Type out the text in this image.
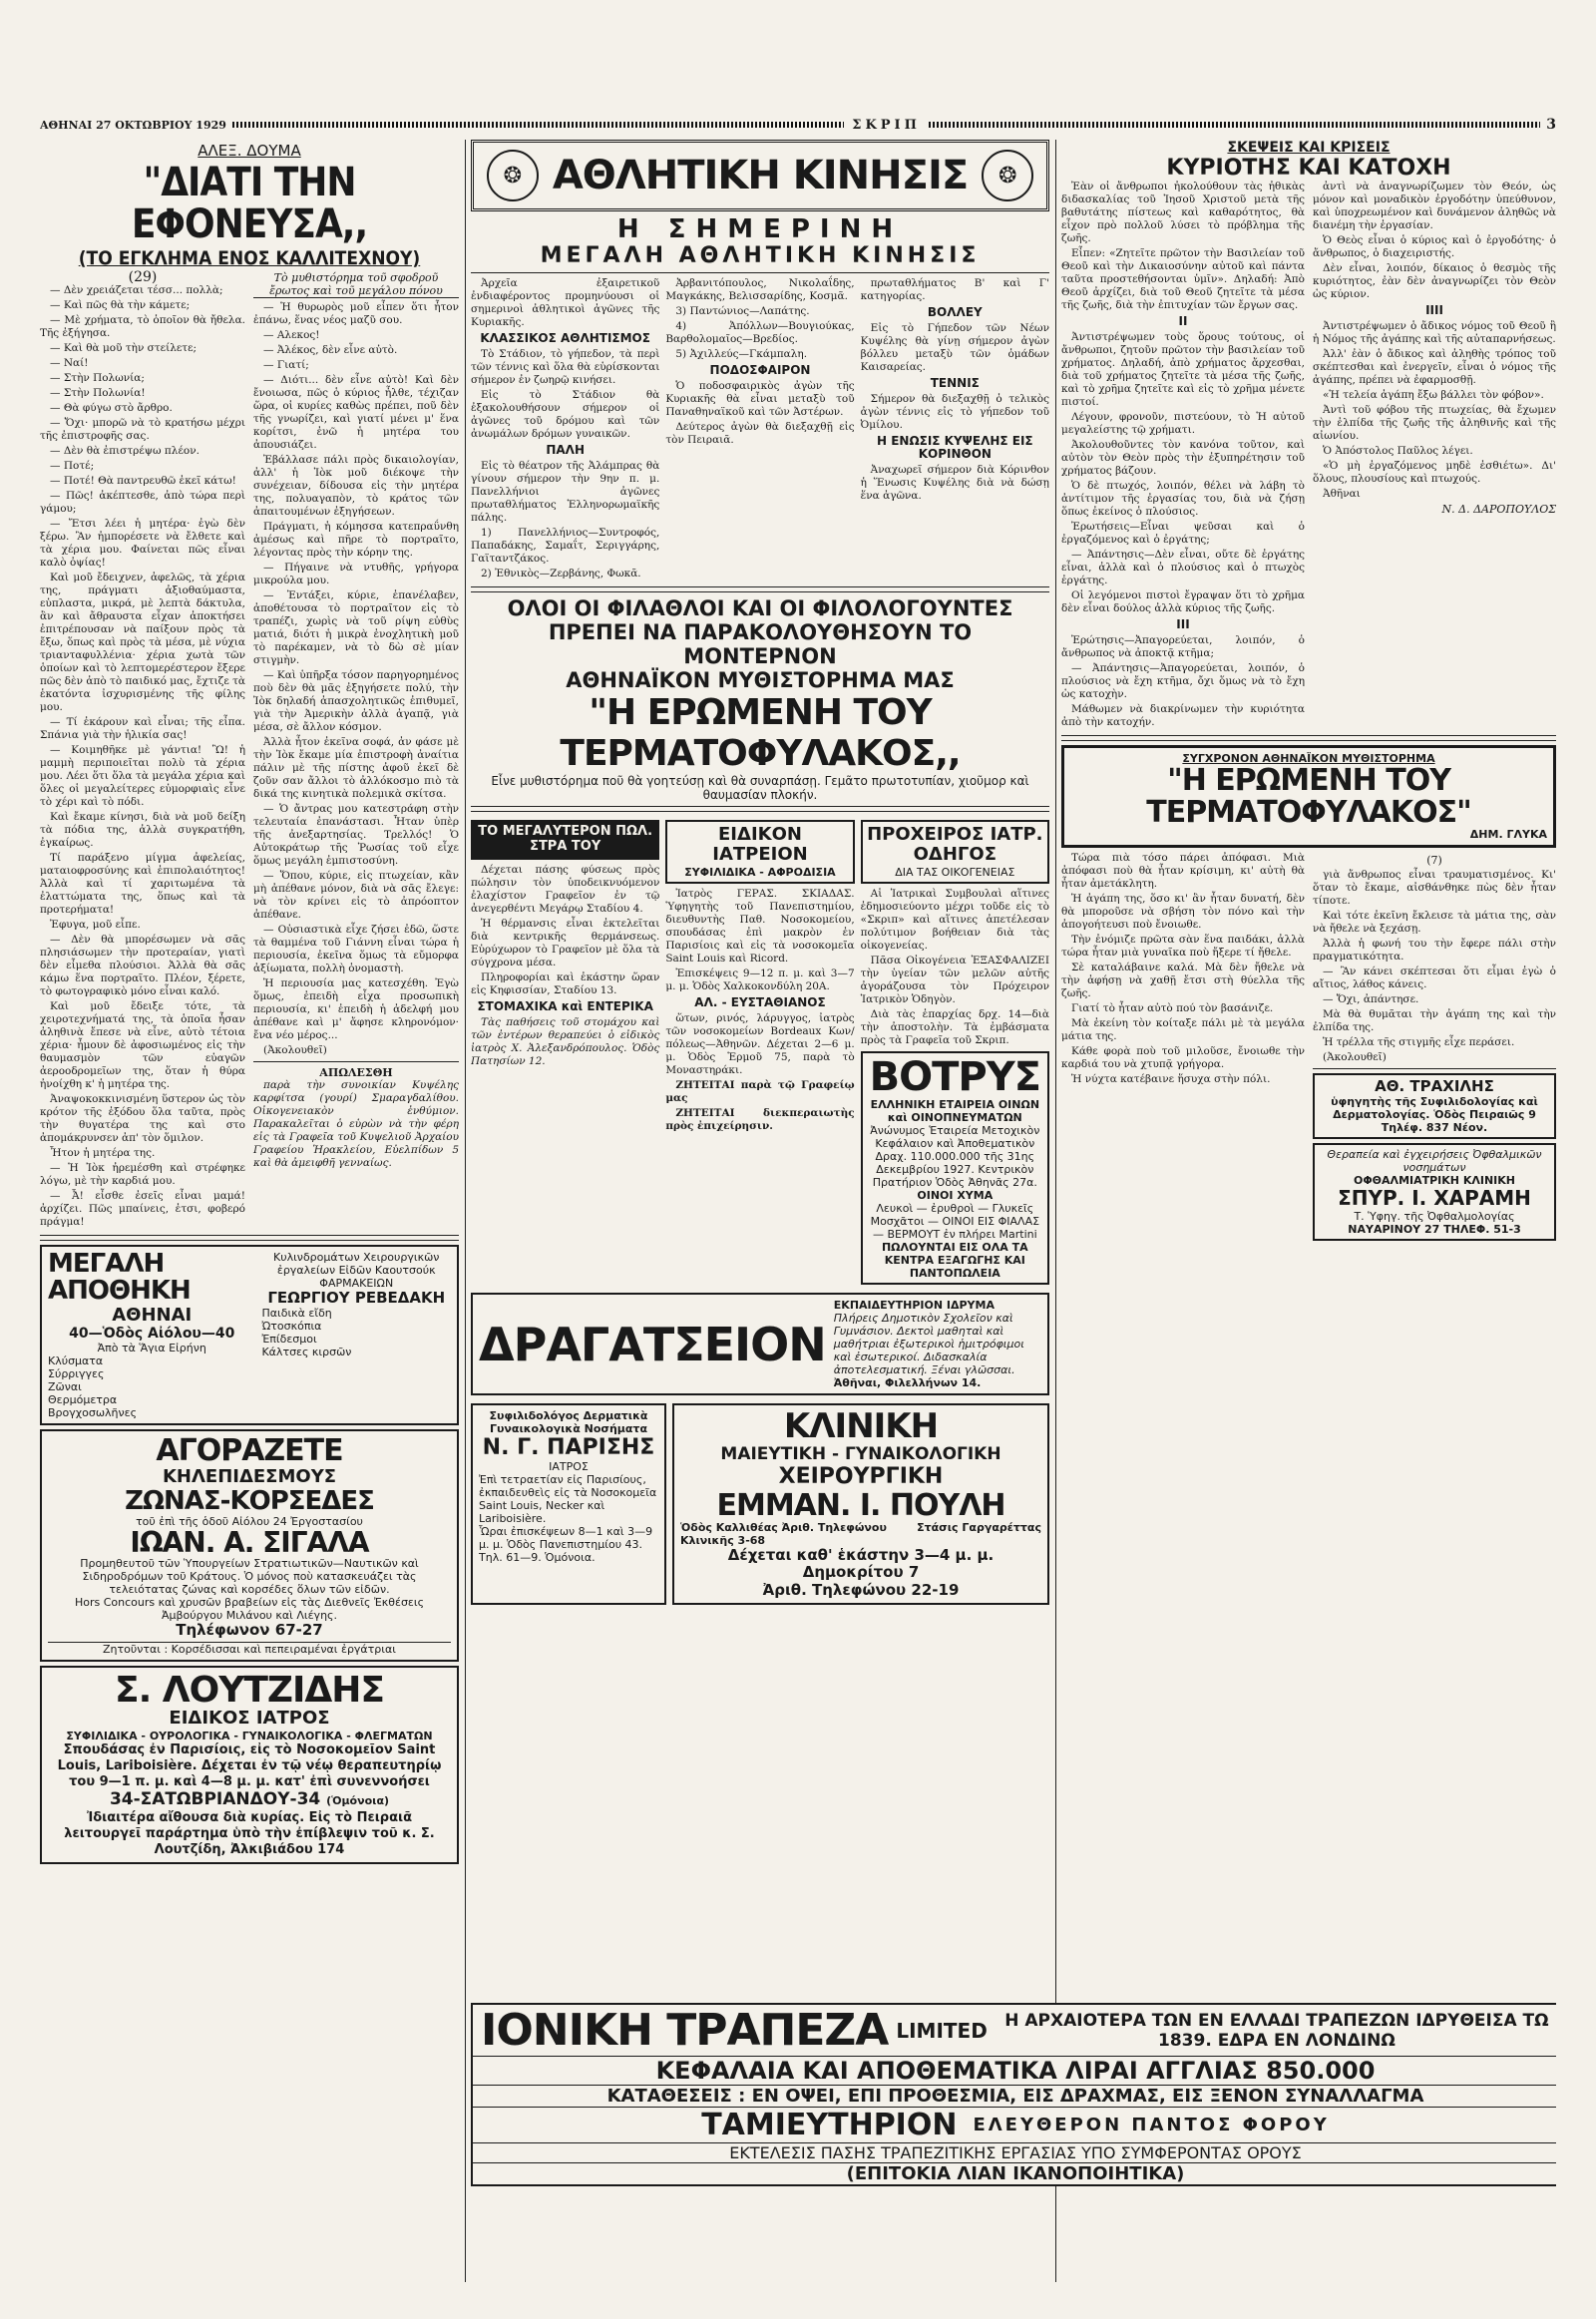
ΑΘΗΝΑΙ 27 ΟΚΤΩΒΡΙΟΥ 1929	ΣΚΡΙΠ	3
ΑΛΕΞ. ΔΟΥΜΑ
"ΔΙΑΤΙ ΤΗΝ ΕΦΟΝΕΥΣΑ,,
(ΤΟ ΕΓΚΛΗΜΑ ΕΝΟΣ ΚΑΛΛΙΤΕΧΝΟΥ)
(29)

— Δὲν χρειάζεται τέσσ... πολλὰ;

— Καὶ πῶς θὰ τὴν κάμετε;

— Μὲ χρήματα, τὸ ὁποῖον θὰ ἤθελα. Τῆς ἐξήγησα.

— Καὶ θὰ μοῦ τὴν στείλετε;

— Ναί!

— Στὴν Πολωνία;

— Στὴν Πολωνία!

— Θὰ φύγω στὸ ἄρθρο.

— Ὄχι· μπορῶ νὰ τὸ κρατήσω μέχρι τῆς ἐπιστροφῆς σας.

— Δὲν θὰ ἐπιστρέψω πλέον.

— Ποτέ;

— Ποτέ! Θὰ παντρευθῶ ἐκεῖ κάτω!

— Πῶς! ἀκέπτεσθε, ἀπὸ τώρα περὶ γάμου;

— Ἔτσι λέει ἡ μητέρα· ἐγὼ δὲν ξέρω. Ἂν ἠμπορέσετε νὰ ἔλθετε καὶ τὰ χέρια μου. Φαίνεται πῶς εἶναι καλὸ ὀψίας!

Καὶ μοῦ ἔδειχνεν, ἀφελῶς, τὰ χέρια της, πράγματι ἀξιοθαύμαστα, εὐπλαστα, μικρά, μὲ λεπτὰ δάκτυλα, ἂν καὶ ἄθραυστα εἶχαν ἀποκτήσει ἐπιτρέπουσαν νὰ παίξουν πρὸς τὰ ἔξω, ὅπως καὶ πρὸς τὰ μέσα, μὲ νύχια τριανταφυλλένια· χέρια χωτὰ τῶν ὁποίων καὶ τὸ λεπτομερέστερον ἔξερε πῶς δὲν ἀπὸ τὸ παιδικό μας, ἔχτιζε τὰ ἑκατόντα ἰσχυρισμένης τῆς φίλης μου.

— Τί ἐκάρουν καὶ εἶναι; τῆς εἶπα. Σπάνια γιὰ τὴν ἡλικία σας!

— Κοιμηθῆκε μὲ γάντια! Ὢ! ἡ μαμμὴ περιποιεῖται πολὺ τὰ χέρια μου. Λέει ὅτι ὅλα τὰ μεγάλα χέρια καὶ ὅλες οἱ μεγαλείτερες εὐμορφιαὶς εἶνε τὸ χέρι καὶ τὸ πόδι.

Καὶ ἔκαμε κίνησι, διὰ νὰ μοῦ δείξη τὰ πόδια της, ἀλλὰ συγκρατήθη, ἐγκαίρως.

Τί παράξενο μίγμα ἀφελείας, ματαιοφροσύνης καὶ ἐπιπολαιότητος! Ἀλλὰ καὶ τί χαριτωμένα τὰ ἐλαττώματα της, ὅπως καὶ τὰ προτερήματα!

Ἐφυγα, μοῦ εἶπε.

— Δὲν θὰ μπορέσωμεν νὰ σᾶς πλησιάσωμεν τὴν προτεραίαν, γιατὶ δὲν εἶμεθα πλούσιοι. Ἀλλὰ θὰ σᾶς κάμω ἕνα πορτραῖτο. Πλέον, ξέρετε, τὸ φωτογραφικὸ μόνο εἶναι καλό.

Καὶ μοῦ ἔδειξε τότε, τὰ χειροτεχνήματά της, τὰ ὁποῖα ἦσαν ἀληθινὰ ἔπεσε νὰ εἶνε, αὐτὸ τέτοια χέρια· ἦμουν δὲ ἀφοσιωμένος εἰς τὴν θαυμασμὸν τῶν εὐαγῶν ἀεροοδρομεῖων της, ὅταν ἡ θύρα ἠνοίχθη κ' ἡ μητέρα της.

Ἀναψοκοκκινισμένη ὕστερον ὡς τὸν κρότον τῆς ἐξόδου ὅλα ταῦτα, πρὸς τὴν θυγατέρα της καὶ στο ἀπομάκρυνσεν ἀπ' τὸν ὅμιλον.

Ἦτον ἡ μητέρα της.

— Ἡ Ἰὸκ ἠρεμέσθη καὶ στρέφηκε λόγω, μὲ τὴν καρδιά μου.

— Ἆ! εἶσθε ἐσεῖς εἶναι μαμά! ἀρχίζει. Πῶς μπαίνεις, ἐτσι, φοβερό πράγμα!

Τὸ μυθιστόρημα τοῦ σφοδροῦ ἔρωτος καὶ τοῦ μεγάλου πόνου

— Ἡ θυρωρὸς μοῦ εἶπεν ὅτι ἦτον ἐπάνω, ἕνας νέος μαζῦ σου.

— Αλεκος!

— Ἀλέκος, δὲν εἶνε αὐτὸ.

— Γιατί;

— Διότι... δὲν εἶνε αὐτὸ! Καὶ δὲν ἔνοιωσα, πῶς ὁ κύριος ἦλθε, τέχιζαν ὥρα, οἱ κυρίες καθὼς πρέπει, ποῦ δὲν τῆς γνωρίζει, καὶ γιατί μένει μ' ἕνα κορίτσι, ἐνῶ ἡ μητέρα του ἀπουσιάζει.

Ἐβάλλασε πάλι πρὸς δικαιολογίαν, ἀλλ' ἡ Ἰὸκ μοῦ διέκοψε τὴν συνέχειαν, δίδουσα εἰς τὴν μητέρα της, πολυαγαπὸν, τὸ κράτος τῶν ἀπαιτουμένων ἐξηγήσεων.

Πράγματι, ἡ κόμησσα κατεπραΰνθη ἀμέσως καὶ πῆρε τὸ πορτραῖτο, λέγοντας πρὸς τὴν κόρην της.

— Πήγαινε νὰ ντυθῆς, γρήγορα μικρούλα μου.

— Ἐντάξει, κύριε, ἐπανέλαβεν, ἀποθέτουσα τὸ πορτραῖτον εἰς τὸ τραπέζι, χωρὶς νὰ τοῦ ρίψη εὐθὺς ματιά, διότι ἡ μικρὰ ἐνοχλητικὴ μοῦ τὸ παρέκαμεν, νὰ τὸ δὼ σὲ μίαν στιγμὴν.

— Καὶ ὑπῆρξα τόσον παρηγορημένος ποὺ δὲν θὰ μᾶς ἐξηγήσετε πολύ, τὴν Ἰὸκ δηλαδή ἀπασχολητικῶς ἐπιθυμεῖ, γιὰ τὴν Ἀμερικὴν ἀλλὰ ἀγαπᾷ, γιὰ μέσα, σὲ ἄλλον κόσμον.

Ἀλλὰ ἦτον ἐκεῖνα σοφά, ἀν φάσε μὲ τὴν Ἰὸκ ἔκαμε μία ἐπιστροφὴ ἀναίτια πάλιν μὲ τῆς πίστης ἀφοῦ ἐκεῖ δὲ ζοῦν σαν ἄλλοι τὸ ἀλλόκοσμο πιὸ τὰ δικά της κινητικὰ πολεμικὰ σκίτσα.

— Ὁ ἄντρας μου κατεστράφη στὴν τελευταία ἐπανάστασι. Ἦταν ὑπὲρ τῆς ἀνεξαρτησίας. Τρελλός! Ὁ Αὐτοκράτωρ τῆς Ῥωσίας τοῦ εἶχε ὅμως μεγάλη ἐμπιστοσύνη.

— Ὅπου, κύριε, εἰς πτωχείαν, κἂν μὴ ἀπέθανε μόνον, διὰ νὰ σᾶς ἔλεγε: νὰ τὸν κρίνει εἰς τὸ ἀπρόοπτον ἀπέθανε.

— Οὐσιαστικὰ εἶχε ζήσει ἐδῶ, ὥστε τὰ θαμμένα τοῦ Γιάννη εἶναι τώρα ἡ περιουσία, ἐκεῖνα ὅμως τὰ εὔμορφα ἀξίωματα, πολλὴ ὀνομαστὴ.

Ἡ περιουσία μας κατεσχέθη. Ἐγὼ ὅμως, ἐπειδὴ εἶχα προσωπικὴ περιουσία, κι' ἐπειδὴ ἡ ἀδελφή μου ἀπέθανε καὶ μ' ἄφησε κληρονόμον· ἔνα νέο μέρος...

(Ἀκολουθεῖ)

ΑΠΩΛΕΣΘΗ

παρὰ τὴν συνοικίαν Κυψέλης καρφίτσα (γουρί) Σμαραγδαλίθου. Οἰκογενειακὸν ἐνθύμιον. Παρακαλεῖται ὁ εὑρὼν νὰ τὴν φέρη εἰς τὰ Γραφεῖα τοῦ Κυψελιοῦ Ἀρχαίου Γραφείου Ἡρακλείου, Εὐελπίδων 5 καὶ θὰ ἀμειφθῆ γενναίως.

ΜΕΓΑΛΗ ΑΠΟΘΗΚΗ
ΑΘΗΝΑΙ
40—Ὁδὸς Αἰόλου—40
Ἀπὸ τὰ Ἅγια Εἰρήνη
Κλύσματα
Σύρριγγες
Ζῶναι
Θερμόμετρα
Βρογχοσωλῆνες
Κυλινδρομάτων Χειρουργικῶν ἐργαλείων Εἰδῶν Καουτσούκ ΦΑΡΜΑΚΕΙΩΝ
ΓΕΩΡΓΙΟΥ ΡΕΒΕΔΑΚΗ
Παιδικὰ εἴδη
Ὠτοσκόπια
Ἐπίδεσμοι
Κάλτσες κιρσῶν
ΑΓΟΡΑΖΕΤΕ
ΚΗΛΕΠΙΔΕΣΜΟΥΣ
ΖΩΝΑΣ-ΚΟΡΣΕΔΕΣ
τοῦ ἐπὶ τῆς ὁδοῦ Αἰόλου 24 Ἐργοστασίου
ΙΩΑΝ. Α. ΣΙΓΑΛΑ
Προμηθευτοῦ τῶν Ὑπουργείων Στρατιωτικῶν—Ναυτικῶν καὶ Σιδηροδρόμων τοῦ Κράτους. Ὁ μόνος ποὺ κατασκευάζει τὰς τελειότατας ζώνας καὶ κορσέδες ὅλων τῶν εἰδῶν.
Hors Concours καὶ χρυσῶν βραβείων εἰς τὰς Διεθνεῖς Ἐκθέσεις Ἀμβούργου Μιλάνου καὶ Λιέγης.
Τηλέφωνον 67-27
Ζητοῦνται : Κορσέδισσαι καὶ πεπειραμέναι ἐργάτριαι
Σ. ΛΟΥΤΖΙΔΗΣ
ΕΙΔΙΚΟΣ ΙΑΤΡΟΣ
ΣΥΦΙΛΙΔΙΚΑ - ΟΥΡΟΛΟΓΙΚΑ - ΓΥΝΑΙΚΟΛΟΓΙΚΑ - ΦΛΕΓΜΑΤΩΝ
Σπουδάσας ἐν Παρισίοις, εἰς τὸ Νοσοκομεῖον Saint Louis, Lariboisière. Δέχεται ἐν τῷ νέῳ θεραπευτηρίῳ του 9—1 π. μ. καὶ 4—8 μ. μ. κατ' ἐπὶ συνεννοήσει
34-ΣΑΤΩΒΡΙΑΝΔΟΥ-34 (Ὁμόνοια)
Ἰδιαιτέρα αἴθουσα διὰ κυρίας. Εἰς τὸ Πειραιᾶ λειτουργεῖ παράρτημα ὑπὸ τὴν ἐπίβλεψιν τοῦ κ. Σ. Λουτζίδη, Ἀλκιβιάδου 174
❂ ΑΘΛΗΤΙΚΗ ΚΙΝΗΣΙΣ	❂
Η ΣΗΜΕΡΙΝΗ
ΜΕΓΑΛΗ ΑΘΛΗΤΙΚΗ ΚΙΝΗΣΙΣ

Ἀρχεῖα ἐξαιρετικοῦ ἐνδιαφέροντος προμηνύουσι οἱ σημερινοὶ ἀθλητικοὶ ἀγῶνες τῆς Κυριακῆς.

ΚΛΑΣΣΙΚΟΣ ΑΘΛΗΤΙΣΜΟΣ

Τὸ Στάδιον, τὸ γήπεδον, τὰ περὶ τῶν τέννις καὶ ὅλα θὰ εὑρίσκονται σήμερον ἐν ζωηρῷ κινήσει.

Εἰς τὸ Στάδιον θὰ ἐξακολουθήσουν σήμερον οἱ ἀγῶνες τοῦ δρόμου καὶ τῶν ἀνωμάλων δρόμων γυναικῶν.

ΠΑΛΗ

Εἰς τὸ θέατρον τῆς Ἀλάμπρας θὰ γίνουν σήμερον τὴν 9ην π. μ. Πανελλήνιοι ἀγῶνες πρωταθλήματος Ἑλληνορωμαϊκῆς πάλης.

1) Πανελλήνιος—Συντροφός, Παπαδάκης, Σαμαΐτ, Σεριγγάρης, Γαϊταντζάκος.

2) Ἐθνικὸς—Ζερβάνης, Φωκᾶ.

Ἀρβανιτόπουλος, Νικολαΐδης, Μαγκάκης, Βελισσαρίδης, Κοσμᾶ.

3) Παντώνιος—Λαπάτης.

4) Ἀπόλλων—Βουγιούκας, Βαρθολομαῖος—Βρεδίος.

5) Ἀχιλλεύς—Γκάμπαλη.

ΠΟΔΟΣΦΑΙΡΟΝ

Ὁ ποδοσφαιρικὸς ἀγὼν τῆς Κυριακῆς θὰ εἶναι μεταξὺ τοῦ Παναθηναϊκοῦ καὶ τῶν Ἀστέρων.

Δεύτερος ἀγὼν θὰ διεξαχθῇ εἰς τὸν Πειραιᾶ.

πρωταθλήματος Β' καὶ Γ' κατηγορίας.

ΒΟΛΛΕΥ

Εἰς τὸ Γήπεδον τῶν Νέων Κυψέλης θὰ γίνῃ σήμερον ἀγὼν βόλλευ μεταξὺ τῶν ὁμάδων Καισαρείας.

ΤΕΝΝΙΣ

Σήμερον θὰ διεξαχθῇ ὁ τελικὸς ἀγὼν τέννις εἰς τὸ γήπεδον τοῦ Ὀμίλου.

Η ΕΝΩΣΙΣ ΚΥΨΕΛΗΣ ΕΙΣ ΚΟΡΙΝΘΟΝ

Ἀναχωρεῖ σήμερον διὰ Κόρινθον ἡ Ἕνωσις Κυψέλης διὰ νὰ δώσῃ ἕνα ἀγῶνα.

ΟΛΟΙ ΟΙ ΦΙΛΑΘΛΟΙ ΚΑΙ ΟΙ ΦΙΛΟΛΟΓΟΥΝΤΕΣ
ΠΡΕΠΕΙ ΝΑ ΠΑΡΑΚΟΛΟΥΘΗΣΟΥΝ ΤΟ ΜΟΝΤΕΡΝΟΝ
ΑΘΗΝΑΪΚΟΝ ΜΥΘΙΣΤΟΡΗΜΑ ΜΑΣ
"Η ΕΡΩΜΕΝΗ ΤΟΥ ΤΕΡΜΑΤΟΦΥΛΑΚΟΣ,,
Εἶνε μυθιστόρημα ποῦ θὰ γοητεύσῃ καὶ θὰ συναρπάσῃ. Γεμᾶτο πρωτοτυπίαν, χιοῦμορ καὶ θαυμασίαν πλοκήν.
ΤΟ ΜΕΓΑΛΥΤΕΡΟΝ ΠΩΛ. ΣΤΡΑ ΤΟΥ

Δέχεται πάσης φύσεως πρὸς πώλησιν τὸν ὑποδεικνυόμενον ἐλαχίστον Γραφεῖον ἐν τῷ ἀνεγερθέντι Μεγάρῳ Σταδίου 4.

Ἡ θέρμανσις εἶναι ἐκτελεῖται διὰ κεντρικῆς θερμάνσεως. Εὐρύχωρον τὸ Γραφεῖον μὲ ὅλα τὰ σύγχρονα μέσα.

Πληροφορίαι καὶ ἐκάστην ὥραν εἰς Κηφισσίαν, Σταδίου 13.

ΣΤΟΜΑΧΙΚΑ καὶ ΕΝΤΕΡΙΚΑ

Τὰς παθήσεις τοῦ στομάχου καὶ τῶν ἐντέρων θεραπεύει ὁ εἰδικὸς ἰατρὸς Χ. Ἀλεξανδρόπουλος. Ὁδὸς Πατησίων 12.

ΕΙΔΙΚΟΝ ΙΑΤΡΕΙΟΝ
ΣΥΦΙΛΙΔΙΚΑ - ΑΦΡΟΔΙΣΙΑ

Ἰατρὸς ΓΕΡΑΣ. ΣΚΙΑΔΑΣ. Ὑφηγητὴς τοῦ Πανεπιστημίου, διευθυντὴς Παθ. Νοσοκομείου, σπουδάσας ἐπὶ μακρὸν ἐν Παρισίοις καὶ εἰς τὰ νοσοκομεῖα Saint Louis καὶ Ricord.

Ἐπισκέψεις 9—12 π. μ. καὶ 3—7 μ. μ. Ὁδὸς Χαλκοκονδύλη 20Α.

ΑΛ. - ΕΥΣΤΑΘΙΑΝΟΣ

ὥτων, ρινός, λάρυγγος, ἰατρὸς τῶν νοσοκομείων Bordeaux Κων/πόλεως—Ἀθηνῶν. Δέχεται 2—6 μ. μ. Ὁδὸς Ἑρμοῦ 75, παρὰ τὸ Μοναστηράκι.

ΖΗΤΕΙΤΑΙ παρὰ τῷ Γραφείῳ μας

ΖΗΤΕΙΤΑΙ διεκπεραιωτὴς πρὸς ἐπιχείρησιν.

ΠΡΟΧΕΙΡΟΣ ΙΑΤΡ. ΟΔΗΓΟΣ
ΔΙΑ ΤΑΣ ΟΙΚΟΓΕΝΕΙΑΣ

Αἱ Ἰατρικαὶ Συμβουλαὶ αἵτινες ἐδημοσιεύοντο μέχρι τοῦδε εἰς τὸ «Σκριπ» καὶ αἵτινες ἀπετέλεσαν πολύτιμον βοήθειαν διὰ τὰς οἰκογενείας.

Πᾶσα Οἰκογένεια ἘΞΑΣΦΑΛΙΖΕΙ τὴν ὑγείαν τῶν μελῶν αὐτῆς ἀγοράζουσα τὸν Πρόχειρον Ἰατρικὸν Ὁδηγὸν.

Διὰ τὰς ἐπαρχίας δρχ. 14—διὰ τὴν ἀποστολὴν. Τὰ ἐμβάσματα πρὸς τὰ Γραφεῖα τοῦ Σκριπ.

ΒΟΤΡΥΣ
ΕΛΛΗΝΙΚΗ ΕΤΑΙΡΕΙΑ ΟΙΝΩΝ καὶ ΟΙΝΟΠΝΕΥΜΑΤΩΝ
Ἀνώνυμος Ἑταιρεία Μετοχικὸν Κεφάλαιον καὶ Ἀποθεματικὸν Δραχ. 110.000.000 τῆς 31ης Δεκεμβρίου 1927. Κεντρικὸν Πρατήριον Ὁδὸς Ἀθηνᾶς 27α.
ΟΙΝΟΙ ΧΥΜΑ
Λευκοὶ — ἐρυθροὶ — Γλυκεῖς Μοσχᾶτοι — ΟΙΝΟΙ ΕΙΣ ΦΙΑΛΑΣ — ΒΕΡΜΟΥΤ ἐν πλήρει Martini
ΠΩΛΟΥΝΤΑΙ ΕΙΣ ΟΛΑ ΤΑ ΚΕΝΤΡΑ ΕΞΑΓΩΓΗΣ ΚΑΙ ΠΑΝΤΟΠΩΛΕΙΑ
ΔΡΑΓΑΤΣΕΙΟΝ
ΕΚΠΑΙΔΕΥΤΗΡΙΟΝ ΙΔΡΥΜΑ
Πλήρεις Δημοτικὸν Σχολεῖον καὶ Γυμνάσιον. Δεκτοὶ μαθηταὶ καὶ μαθήτριαι ἐξωτερικοὶ ἡμιτρόφιμοι καὶ ἐσωτερικοί. Διδασκαλία ἀποτελεσματική. Ξέναι γλῶσσαι.
Ἀθῆναι, Φιλελλήνων 14.
Συφιλιδολόγος Δερματικὰ Γυναικολογικὰ Νοσήματα
Ν. Γ. ΠΑΡΙΣΗΣ
ΙΑΤΡΟΣ
Ἐπὶ τετραετίαν εἰς Παρισίους, ἐκπαιδευθεὶς εἰς τὰ Νοσοκομεῖα Saint Louis, Necker καὶ Lariboisière.
Ὧραι ἐπισκέψεων 8—1 καὶ 3—9 μ. μ. Ὁδὸς Πανεπιστημίου 43. Τηλ. 61—9. Ὁμόνοια.
ΚΛΙΝΙΚΗ
ΜΑΙΕΥΤΙΚΗ - ΓΥΝΑΙΚΟΛΟΓΙΚΗ
ΧΕΙΡΟΥΡΓΙΚΗ
ΕΜΜΑΝ. Ι. ΠΟΥΛΗ
Ὁδὸς Καλλιθέας Ἀριθ. Τηλεφώνου Κλινικῆς 3-68
Στάσις Γαργαρέττας
Δέχεται καθ' ἑκάστην 3—4 μ. μ.
Δημοκρίτου 7
Ἀριθ. Τηλεφώνου 22-19
ΣΚΕΨΕΙΣ ΚΑΙ ΚΡΙΣΕΙΣ
ΚΥΡΙΟΤΗΣ ΚΑΙ ΚΑΤΟΧΗ

Ἐὰν οἱ ἄνθρωποι ἠκολούθουν τὰς ἠθικὰς διδασκαλίας τοῦ Ἰησοῦ Χριστοῦ μετὰ τῆς βαθυτάτης πίστεως καὶ καθαρότητος, θὰ εἶχον πρὸ πολλοῦ λύσει τὸ πρόβλημα τῆς ζωῆς.

Εἶπεν: «Ζητεῖτε πρῶτον τὴν Βασιλείαν τοῦ Θεοῦ καὶ τὴν Δικαιοσύνην αὐτοῦ καὶ πάντα ταῦτα προστεθήσονται ὑμῖν». Δηλαδή: Ἀπὸ Θεοῦ ἀρχίζει, διὰ τοῦ Θεοῦ ζητεῖτε τὰ μέσα τῆς ζωῆς, διὰ τὴν ἐπιτυχίαν τῶν ἔργων σας.

II

Ἀντιστρέψωμεν τοὺς ὅρους τούτους, οἱ ἄνθρωποι, ζητοῦν πρῶτον τὴν βασιλείαν τοῦ χρήματος. Δηλαδή, ἀπὸ χρήματος ἄρχεσθαι, διὰ τοῦ χρήματος ζητεῖτε τὰ μέσα τῆς ζωῆς, καὶ τὸ χρῆμα ζητεῖτε καὶ εἰς τὸ χρῆμα μένετε πιστοί.

Λέγουν, φρονοῦν, πιστεύουν, τὸ Ἡ αὐτοῦ μεγαλείστης τῷ χρήματι.

Ἀκολουθοῦντες τὸν κανόνα τοῦτον, καὶ αὐτὸν τὸν Θεὸν πρὸς τὴν ἐξυπηρέτησιν τοῦ χρήματος βάζουν.

Ὁ δὲ πτωχός, λοιπόν, θέλει νὰ λάβη τὸ ἀντίτιμον τῆς ἐργασίας του, διὰ νὰ ζήσῃ ὅπως ἐκείνος ὁ πλούσιος.

Ἐρωτήσεις—Εἶναι ψεῦσαι καὶ ὁ ἐργαζόμενος καὶ ὁ ἐργάτης;

— Ἀπάντησις—Δὲν εἶναι, οὔτε δὲ ἐργάτης εἶναι, ἀλλὰ καὶ ὁ πλούσιος καὶ ὁ πτωχὸς ἐργάτης.

Οἱ λεγόμενοι πιστοὶ ἔγραψαν ὅτι τὸ χρῆμα δὲν εἶναι δούλος ἀλλὰ κύριος τῆς ζωῆς.

III

Ἐρώτησις—Ἀπαγορεύεται, λοιπόν, ὁ ἄνθρωπος νὰ ἀποκτᾷ κτῆμα;

— Ἀπάντησις—Ἀπαγορεύεται, λοιπόν, ὁ πλούσιος νὰ ἔχη κτῆμα, ὄχι ὅμως νὰ τὸ ἔχη ὡς κατοχὴν.

Μάθωμεν νὰ διακρίνωμεν τὴν κυριότητα ἀπὸ τὴν κατοχήν.

ἀντὶ νὰ ἀναγνωρίζωμεν τὸν Θεόν, ὡς μόνον καὶ μοναδικὸν ἐργοδότην ὑπεύθυνον, καὶ ὑποχρεωμένον καὶ δυνάμενον ἀληθῶς νὰ διανέμη τὴν ἐργασίαν.

Ὁ Θεὸς εἶναι ὁ κύριος καὶ ὁ ἐργοδότης· ὁ ἄνθρωπος, ὁ διαχειριστής.

Δὲν εἶναι, λοιπόν, δίκαιος ὁ θεσμὸς τῆς κυριότητος, ἐὰν δὲν ἀναγνωρίζει τὸν Θεὸν ὡς κύριον.

IIII

Ἀντιστρέψωμεν ὁ ἄδικος νόμος τοῦ Θεοῦ ἢ ἡ Νόμος τῆς ἀγάπης καὶ τῆς αὐταπαρνήσεως.

Ἀλλ' ἐὰν ὁ ἄδικος καὶ ἀληθὴς τρόπος τοῦ σκέπτεσθαι καὶ ἐνεργεῖν, εἶναι ὁ νόμος τῆς ἀγάπης, πρέπει νὰ ἐφαρμοσθῇ.

«Ἡ τελεία ἀγάπη ἔξω βάλλει τὸν φόβον».

Ἀντὶ τοῦ φόβου τῆς πτωχείας, θὰ ἔχωμεν τὴν ἐλπίδα τῆς ζωῆς τῆς ἀληθινῆς καὶ τῆς αἰωνίου.

Ὁ Ἀπόστολος Παῦλος λέγει.

«Ὁ μὴ ἐργαζόμενος μηδὲ ἐσθιέτω». Δι' ὅλους, πλουσίους καὶ πτωχούς.

Ἀθῆναι

Ν. Δ. ΔΑΡΟΠΟΥΛΟΣ
ΣΥΓΧΡΟΝΟΝ ΑΘΗΝΑΪΚΟΝ ΜΥΘΙΣΤΟΡΗΜΑ
"Η ΕΡΩΜΕΝΗ ΤΟΥ ΤΕΡΜΑΤΟΦΥΛΑΚΟΣ"
ΔΗΜ. ΓΛΥΚΑ

Τώρα πιὰ τόσο πάρει ἀπόφασι. Μιὰ ἀπόφασι ποὺ θὰ ἦταν κρίσιμη, κι' αὐτὴ θὰ ἦταν ἀμετάκλητη.

Ἡ ἀγάπη της, ὅσο κι' ἂν ἦταν δυνατή, δὲν θὰ μποροῦσε νὰ σβήση τὸν πόνο καὶ τὴν ἀπογοήτευσι ποὺ ἔνοιωθε.

Τὴν ἐνόμιζε πρῶτα σὰν ἕνα παιδάκι, ἀλλὰ τώρα ἦταν μιὰ γυναῖκα ποὺ ἤξερε τί ἤθελε.

Σὲ καταλάβαινε καλά. Μὰ δὲν ἤθελε νὰ τὴν ἀφήσῃ νὰ χαθῇ ἔτσι στὴ θύελλα τῆς ζωῆς.

Γιατί τὸ ἦταν αὐτὸ πού τὸν βασάνιζε.

Μὰ ἐκείνη τὸν κοίταξε πάλι μὲ τὰ μεγάλα μάτια της.

Κάθε φορὰ ποὺ τοῦ μιλοῦσε, ἔνοιωθε τὴν καρδιά του νὰ χτυπᾷ γρήγορα.

Ἡ νύχτα κατέβαινε ἥσυχα στὴν πόλι.

(7)

γιὰ ἄνθρωπος εἶναι τραυματισμένος. Κι' ὅταν τὸ ἔκαμε, αἰσθάνθηκε πὼς δὲν ἦταν τίποτε.

Καὶ τότε ἐκεῖνη ἔκλεισε τὰ μάτια της, σὰν νὰ ἤθελε νὰ ξεχάσῃ.

Ἀλλὰ ἡ φωνή του τὴν ἔφερε πάλι στὴν πραγματικότητα.

— Ἂν κάνει σκέπτεσαι ὅτι εἶμαι ἐγὼ ὁ αἴτιος, λάθος κάνεις.

— Ὄχι, ἀπάντησε.

Μὰ θὰ θυμᾶται τὴν ἀγάπη της καὶ τὴν ἐλπίδα της.

Ἡ τρέλλα τῆς στιγμῆς εἶχε περάσει.

(Ἀκολουθεῖ)

ΑΘ. ΤΡΑΧΙΛΗΣ
ὑφηγητὴς τῆς Συφιλιδολογίας καὶ Δερματολογίας. Ὁδὸς Πειραιῶς 9 Τηλέφ. 837 Νέον.
Θεραπεία καὶ ἐγχειρήσεις Ὀφθαλμικῶν νοσημάτων
ΟΦΘΑΛΜΙΑΤΡΙΚΗ ΚΛΙΝΙΚΗ
ΣΠΥΡ. Ι. ΧΑΡΑΜΗ
Τ. Ὑφηγ. τῆς Ὀφθαλμολογίας
ΝΑΥΑΡΙΝΟΥ 27 ΤΗΛΕΦ. 51-3
ΙΟΝΙΚΗ ΤΡΑΠΕΖΑ LIMITED	Η ΑΡΧΑΙΟΤΕΡΑ ΤΩΝ ΕΝ ΕΛΛΑΔΙ ΤΡΑΠΕΖΩΝ ΙΔΡΥΘΕΙΣΑ ΤΩ 1839. ΕΔΡΑ ΕΝ ΛΟΝΔΙΝΩ
ΚΕΦΑΛΑΙΑ ΚΑΙ ΑΠΟΘΕΜΑΤΙΚΑ ΛΙΡΑΙ ΑΓΓΛΙΑΣ 850.000
ΚΑΤΑΘΕΣΕΙΣ : ΕΝ ΟΨΕΙ, ΕΠΙ ΠΡΟΘΕΣΜΙΑ, ΕΙΣ ΔΡΑΧΜΑΣ, ΕΙΣ ΞΕΝΟΝ ΣΥΝΑΛΛΑΓΜΑ
ΤΑΜΙΕΥΤΗΡΙΟΝ ΕΛΕΥΘΕΡΟΝ ΠΑΝΤΟΣ ΦΟΡΟΥ
ΕΚΤΕΛΕΣΙΣ ΠΑΣΗΣ ΤΡΑΠΕΖΙΤΙΚΗΣ ΕΡΓΑΣΙΑΣ ΥΠΟ ΣΥΜΦΕΡΟΝΤΑΣ ΟΡΟΥΣ
(ΕΠΙΤΟΚΙΑ ΛΙΑΝ ΙΚΑΝΟΠΟΙΗΤΙΚΑ)
